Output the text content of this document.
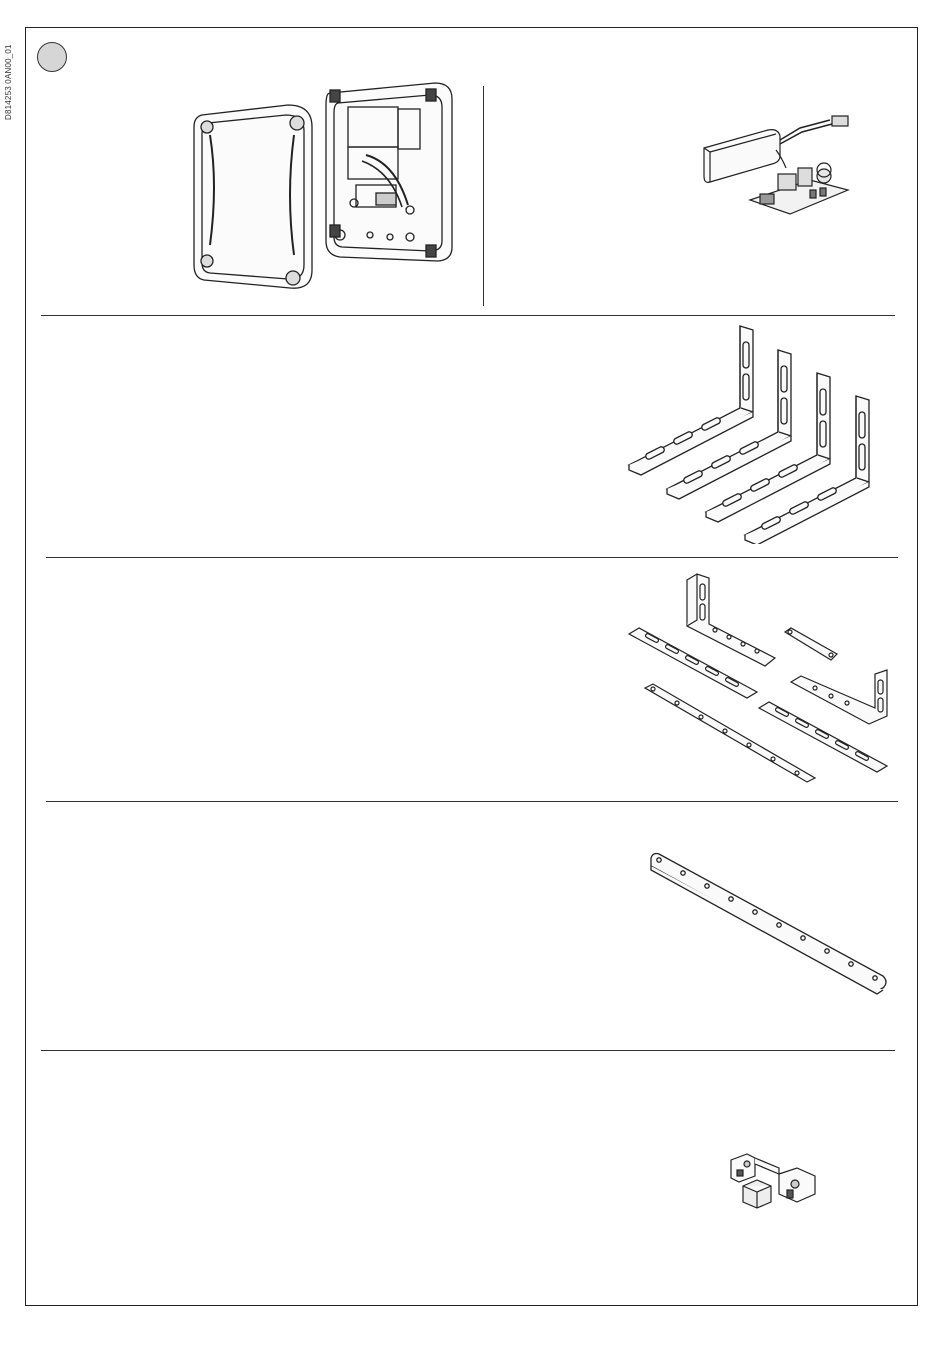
D814253 0AN00_01
